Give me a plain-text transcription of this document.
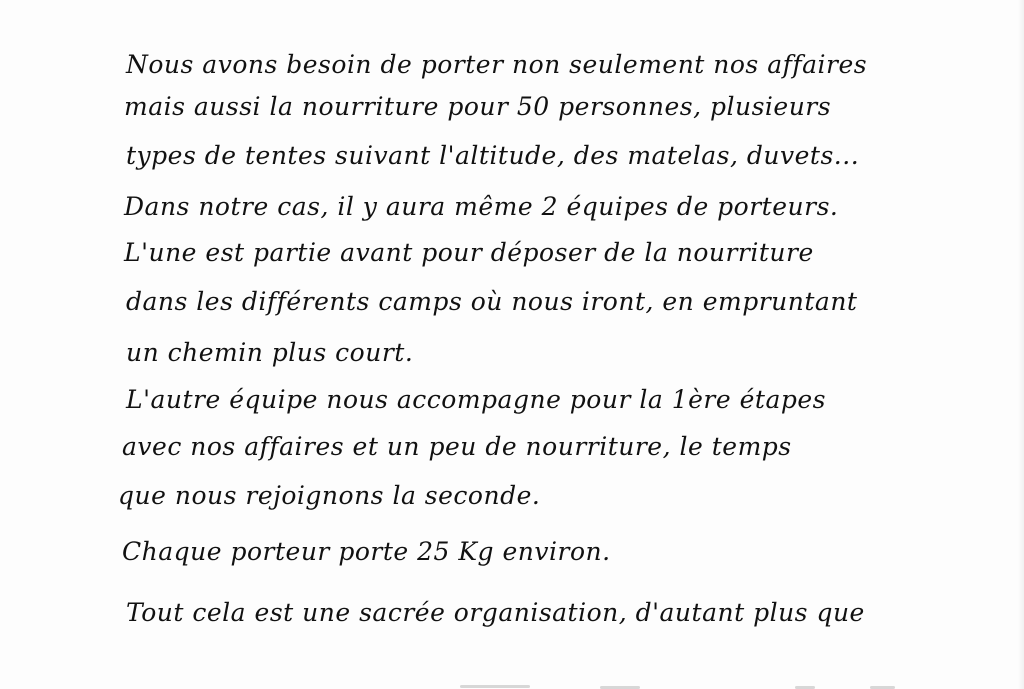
Nous avons besoin de porter non seulement nos affaires
mais aussi la nourriture pour 50 personnes, plusieurs
types de tentes suivant l'altitude, des matelas, duvets...
Dans notre cas, il y aura même 2 équipes de porteurs.
L'une est partie avant pour déposer de la nourriture
dans les différents camps où nous iront, en empruntant
un chemin plus court.
L'autre équipe nous accompagne pour la 1ère étapes
avec nos affaires et un peu de nourriture, le temps
que nous rejoignons la seconde.
Chaque porteur porte 25 Kg environ.
Tout cela est une sacrée organisation, d'autant plus que
